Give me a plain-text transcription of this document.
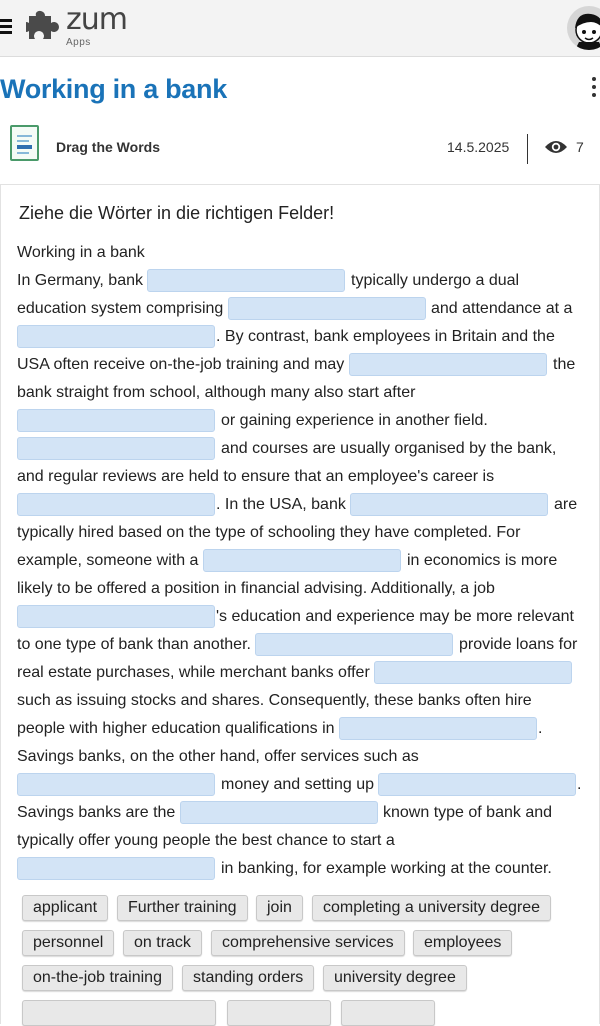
zum
Apps
Working in a bank
Drag the Words	14.5.2025	7
Ziehe die Wörter in die richtigen Felder!
Working in a bank
In Germany, bank	typically undergo a dual
education system comprising	and attendance at a
. By contrast, bank employees in Britain and the
USA often receive on-the-job training and may	the
bank straight from school, although many also start after
or gaining experience in another field.
and courses are usually organised by the bank,
and regular reviews are held to ensure that an employee's career is
. In the USA, bank	are
typically hired based on the type of schooling they have completed. For
example, someone with a	in economics is more
likely to be offered a position in financial advising. Additionally, a job
's education and experience may be more relevant
to one type of bank than another.	provide loans for
real estate purchases, while merchant banks offer
such as issuing stocks and shares. Consequently, these banks often hire
people with higher education qualifications in	.
Savings banks, on the other hand, offer services such as
money and setting up	.
Savings banks are the	known type of bank and
typically offer young people the best chance to start a
in banking, for example working at the counter.
applicant	Further training	join	completing a university degree
personnel	on track	comprehensive services	employees
on-the-job training	standing orders	university degree
